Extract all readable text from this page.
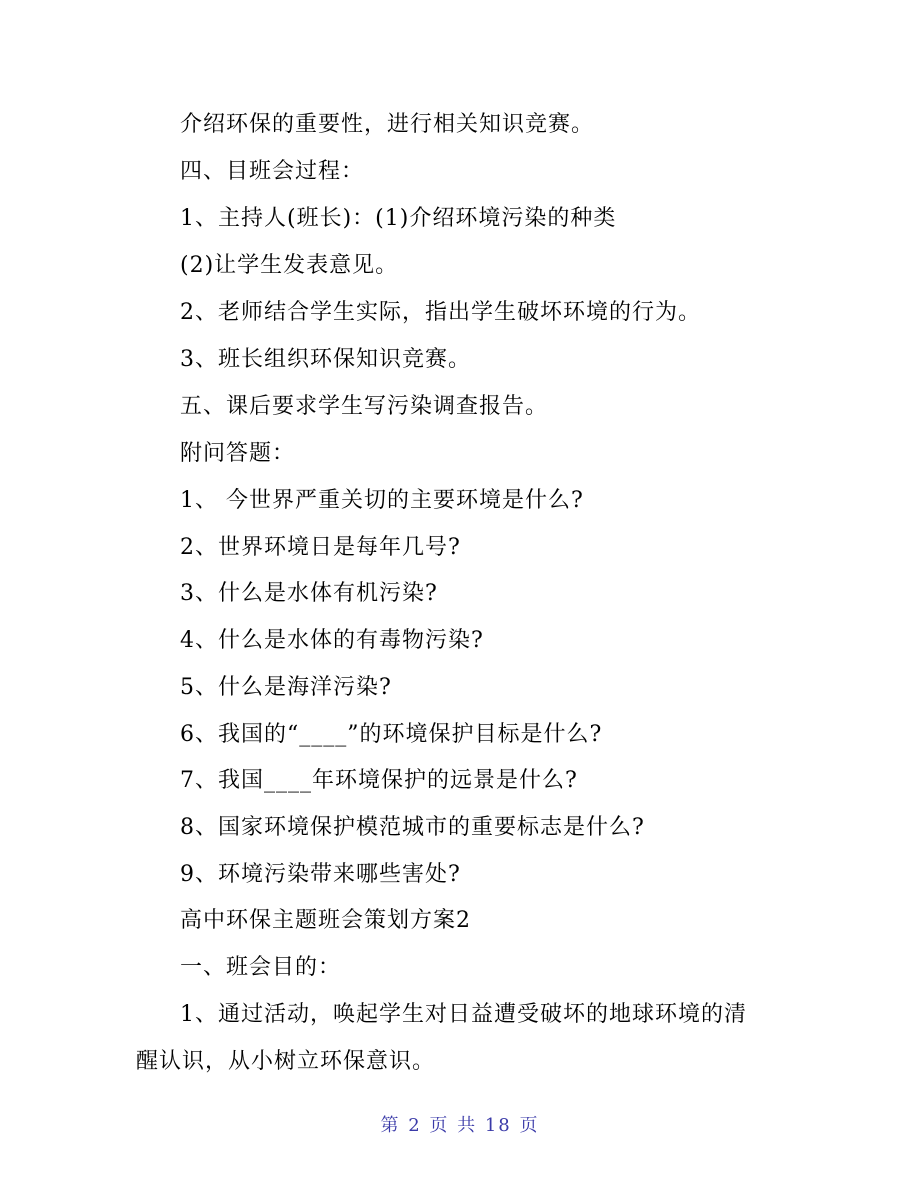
介绍环保的重要性，进行相关知识竞赛。
四、目班会过程：
1、主持人(班长)：(1)介绍环境污染的种类
(2)让学生发表意见。
2、老师结合学生实际，指出学生破坏环境的行为。
3、班长组织环保知识竞赛。
五、课后要求学生写污染调查报告。
附问答题：
1、 今世界严重关切的主要环境是什么?
2、世界环境日是每年几号?
3、什么是水体有机污染?
4、什么是水体的有毒物污染?
5、什么是海洋污染?
6、我国的“____”的环境保护目标是什么?
7、我国____年环境保护的远景是什么?
8、国家环境保护模范城市的重要标志是什么?
9、环境污染带来哪些害处?
高中环保主题班会策划方案2
一、班会目的：
1、通过活动，唤起学生对日益遭受破坏的地球环境的清
醒认识，从小树立环保意识。
第 2 页 共 18 页
